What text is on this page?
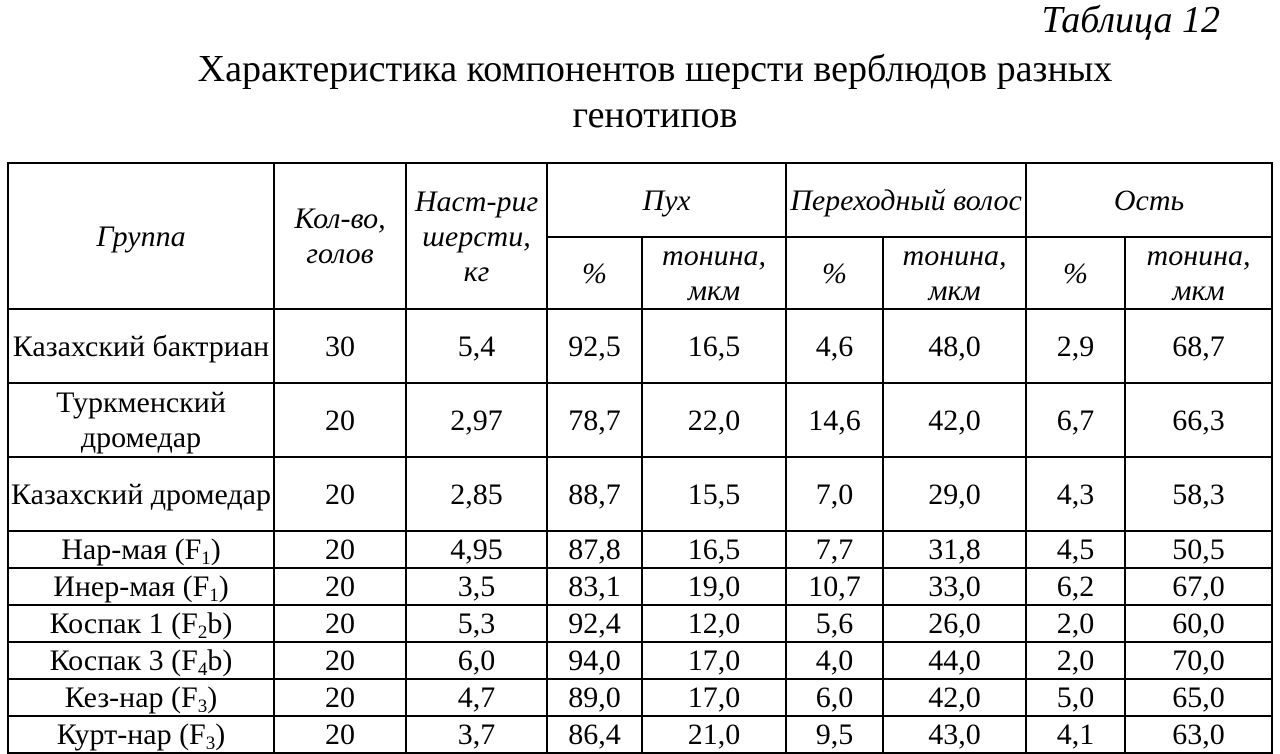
Таблица 12
Характеристика компонентов шерсти верблюдов разных
генотипов
Группа	Кол-во, голов	Наст-риг шерсти, кг	Пух		Переходный волос		Ость	
			%	тонина, мкм	%	тонина, мкм	%	тонина, мкм
Казахский бактриан	30	5,4	92,5	16,5	4,6	48,0	2,9	68,7
Туркменский дромедар	20	2,97	78,7	22,0	14,6	42,0	6,7	66,3
Казахский дромедар	20	2,85	88,7	15,5	7,0	29,0	4,3	58,3
Нар-мая $(F_1)$	20	4,95	87,8	16,5	7,7	31,8	4,5	50,5
Инер-мая $(F_1)$	20	3,5	83,1	19,0	10,7	33,0	6,2	67,0
Коспак 1 $(F_2b)$	20	5,3	92,4	12,0	5,6	26,0	2,0	60,0
Коспак 3 $(F_4b)$	20	6,0	94,0	17,0	4,0	44,0	2,0	70,0
Кез-нар $(F_3)$	20	4,7	89,0	17,0	6,0	42,0	5,0	65,0
Курт-нар $(F_3)$	20	3,7	86,4	21,0	9,5	43,0	4,1	63,0
